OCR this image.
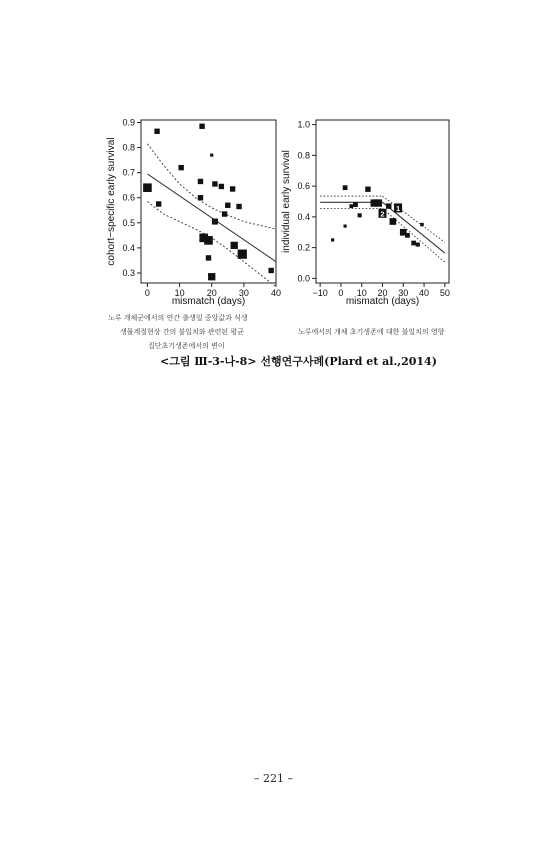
0	10 20 30 40
0.3
0.4
0.5
0.6
0.7
0.8
0.9
mismatch (days)
cohort−specific early survival
−10 0 10 20 30 40 50
0.0
0.2
0.4
0.6
0.8
1.0
mismatch (days)
individual early survival	1
2
노루 개체군에서의 연간 출생일 중앙값과 식생
생물계절현상 간의 불일치와 관련된 평균
집단초기생존에서의 변이
노루에서의 개체 초기생존에 대한 불일치의 영향
<그림 Ⅲ-3-나-8> 선행연구사례(Plard et al.,2014)
– 221 –
